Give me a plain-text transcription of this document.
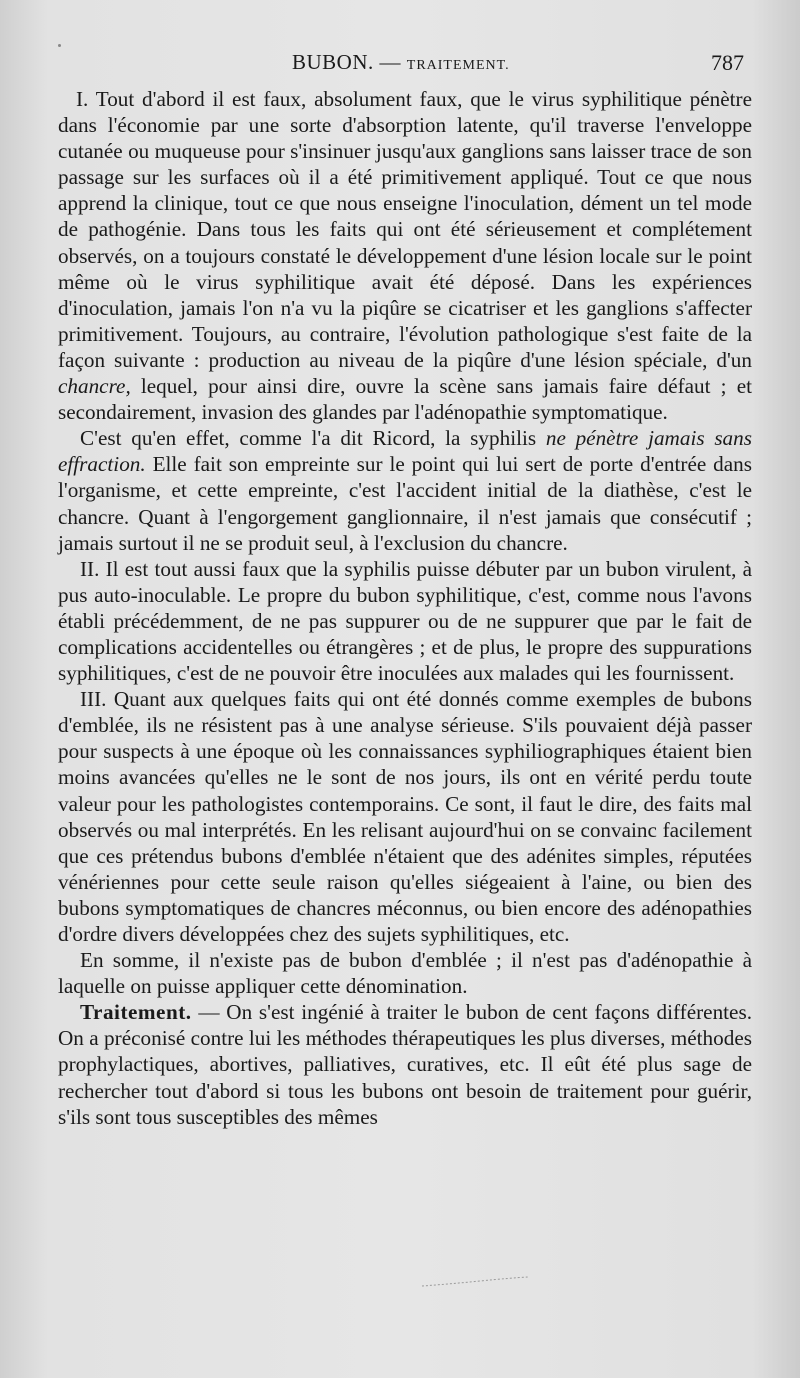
BUBON. — TRAITEMENT.	787

I. Tout d'abord il est faux, absolument faux, que le virus syphilitique pénètre dans l'économie par une sorte d'absorption latente, qu'il traverse l'enveloppe cutanée ou muqueuse pour s'insinuer jusqu'aux ganglions sans laisser trace de son passage sur les surfaces où il a été primitivement appliqué. Tout ce que nous apprend la clinique, tout ce que nous enseigne l'inoculation, dément un tel mode de pathogénie. Dans tous les faits qui ont été sérieusement et complétement observés, on a toujours constaté le développement d'une lésion locale sur le point même où le virus syphilitique avait été déposé. Dans les expériences d'inoculation, jamais l'on n'a vu la piqûre se cicatriser et les ganglions s'affecter primitivement. Toujours, au contraire, l'évolution pathologique s'est faite de la façon suivante : production au niveau de la piqûre d'une lésion spéciale, d'un chancre, lequel, pour ainsi dire, ouvre la scène sans jamais faire défaut ; et secondairement, invasion des glandes par l'adénopathie symptomatique.

C'est qu'en effet, comme l'a dit Ricord, la syphilis ne pénètre jamais sans effraction. Elle fait son empreinte sur le point qui lui sert de porte d'entrée dans l'organisme, et cette empreinte, c'est l'accident initial de la diathèse, c'est le chancre. Quant à l'engorgement ganglionnaire, il n'est jamais que consécutif ; jamais surtout il ne se produit seul, à l'exclusion du chancre.

II. Il est tout aussi faux que la syphilis puisse débuter par un bubon virulent, à pus auto-inoculable. Le propre du bubon syphilitique, c'est, comme nous l'avons établi précédemment, de ne pas suppurer ou de ne suppurer que par le fait de complications accidentelles ou étrangères ; et de plus, le propre des suppurations syphilitiques, c'est de ne pouvoir être inoculées aux malades qui les fournissent.

III. Quant aux quelques faits qui ont été donnés comme exemples de bubons d'emblée, ils ne résistent pas à une analyse sérieuse. S'ils pouvaient déjà passer pour suspects à une époque où les connaissances syphiliographiques étaient bien moins avancées qu'elles ne le sont de nos jours, ils ont en vérité perdu toute valeur pour les pathologistes contemporains. Ce sont, il faut le dire, des faits mal observés ou mal interprétés. En les relisant aujourd'hui on se convainc facilement que ces prétendus bubons d'emblée n'étaient que des adénites simples, réputées vénériennes pour cette seule raison qu'elles siégeaient à l'aine, ou bien des bubons symptomatiques de chancres méconnus, ou bien encore des adénopathies d'ordre divers développées chez des sujets syphilitiques, etc.

En somme, il n'existe pas de bubon d'emblée ; il n'est pas d'adénopathie à laquelle on puisse appliquer cette dénomination.

Traitement. — On s'est ingénié à traiter le bubon de cent façons différentes. On a préconisé contre lui les méthodes thérapeutiques les plus diverses, méthodes prophylactiques, abortives, palliatives, curatives, etc. Il eût été plus sage de rechercher tout d'abord si tous les bubons ont besoin de traitement pour guérir, s'ils sont tous susceptibles des mêmes
